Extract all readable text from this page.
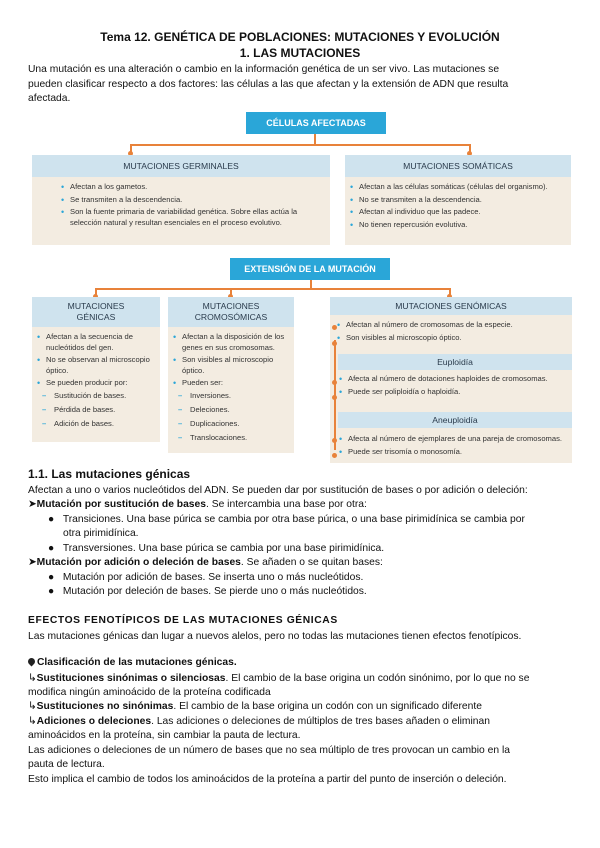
Tema 12. GENÉTICA DE POBLACIONES: MUTACIONES Y EVOLUCIÓN
1. LAS MUTACIONES
Una mutación es una alteración o cambio en la información genética de un ser vivo. Las mutaciones se
pueden clasificar respecto a dos factores: las células a las que afectan y la extensión de ADN que resulta
afectada.
CÉLULAS AFECTADAS
MUTACIONES GERMINALES
• Afectan a los gametos.
• Se transmiten a la descendencia.
• Son la fuente primaria de variabilidad genética. Sobre ellas actúa la selección natural y resultan esenciales en el proceso evolutivo.
MUTACIONES SOMÁTICAS
• Afectan a las células somáticas (células del organismo).
• No se transmiten a la descendencia.
• Afectan al individuo que las padece.
• No tienen repercusión evolutiva.
EXTENSIÓN DE LA MUTACIÓN
MUTACIONES
GÉNICAS
• Afectan a la secuencia de nucleótidos del gen.
• No se observan al microscopio óptico.
• Se pueden producir por:
– Sustitución de bases.
– Pérdida de bases.
– Adición de bases.
MUTACIONES
CROMOSÓMICAS
• Afectan a la disposición de los genes en sus cromosomas.
• Son visibles al microscopio óptico.
• Pueden ser:
– Inversiones.
– Deleciones.
– Duplicaciones.
– Translocaciones.
MUTACIONES GENÓMICAS
• Afectan al número de cromosomas de la especie.
• Son visibles al microscopio óptico.
Euploidía
• Afecta al número de dotaciones haploides de cromosomas.
• Puede ser poliploidía o haploidía.
Aneuploidía
• Afecta al número de ejemplares de una pareja de cromosomas.
• Puede ser trisomía o monosomía.
1.1. Las mutaciones génicas
Afectan a uno o varios nucleótidos del ADN. Se pueden dar por sustitución de bases o por adición o deleción:
➤Mutación por sustitución de bases. Se intercambia una base por otra:
● Transiciones. Una base púrica se cambia por otra base púrica, o una base pirimidínica se cambia por
otra pirimidínica.
● Transversiones. Una base púrica se cambia por una base pirimidínica.
➤Mutación por adición o deleción de bases. Se añaden o se quitan bases:
● Mutación por adición de bases. Se inserta uno o más nucleótidos.
● Mutación por deleción de bases. Se pierde uno o más nucleótidos.
EFECTOS FENOTÍPICOS DE LAS MUTACIONES GÉNICAS
Las mutaciones génicas dan lugar a nuevos alelos, pero no todas las mutaciones tienen efectos fenotípicos.
Clasificación de las mutaciones génicas.
↳Sustituciones sinónimas o silenciosas. El cambio de la base origina un codón sinónimo, por lo que no se
modifica ningún aminoácido de la proteína codificada
↳Sustituciones no sinónimas. El cambio de la base origina un codón con un significado diferente
↳Adiciones o deleciones. Las adiciones o deleciones de múltiplos de tres bases añaden o eliminan
aminoácidos en la proteína, sin cambiar la pauta de lectura.
Las adiciones o deleciones de un número de bases que no sea múltiplo de tres provocan un cambio en la
pauta de lectura.
Esto implica el cambio de todos los aminoácidos de la proteína a partir del punto de inserción o deleción.
